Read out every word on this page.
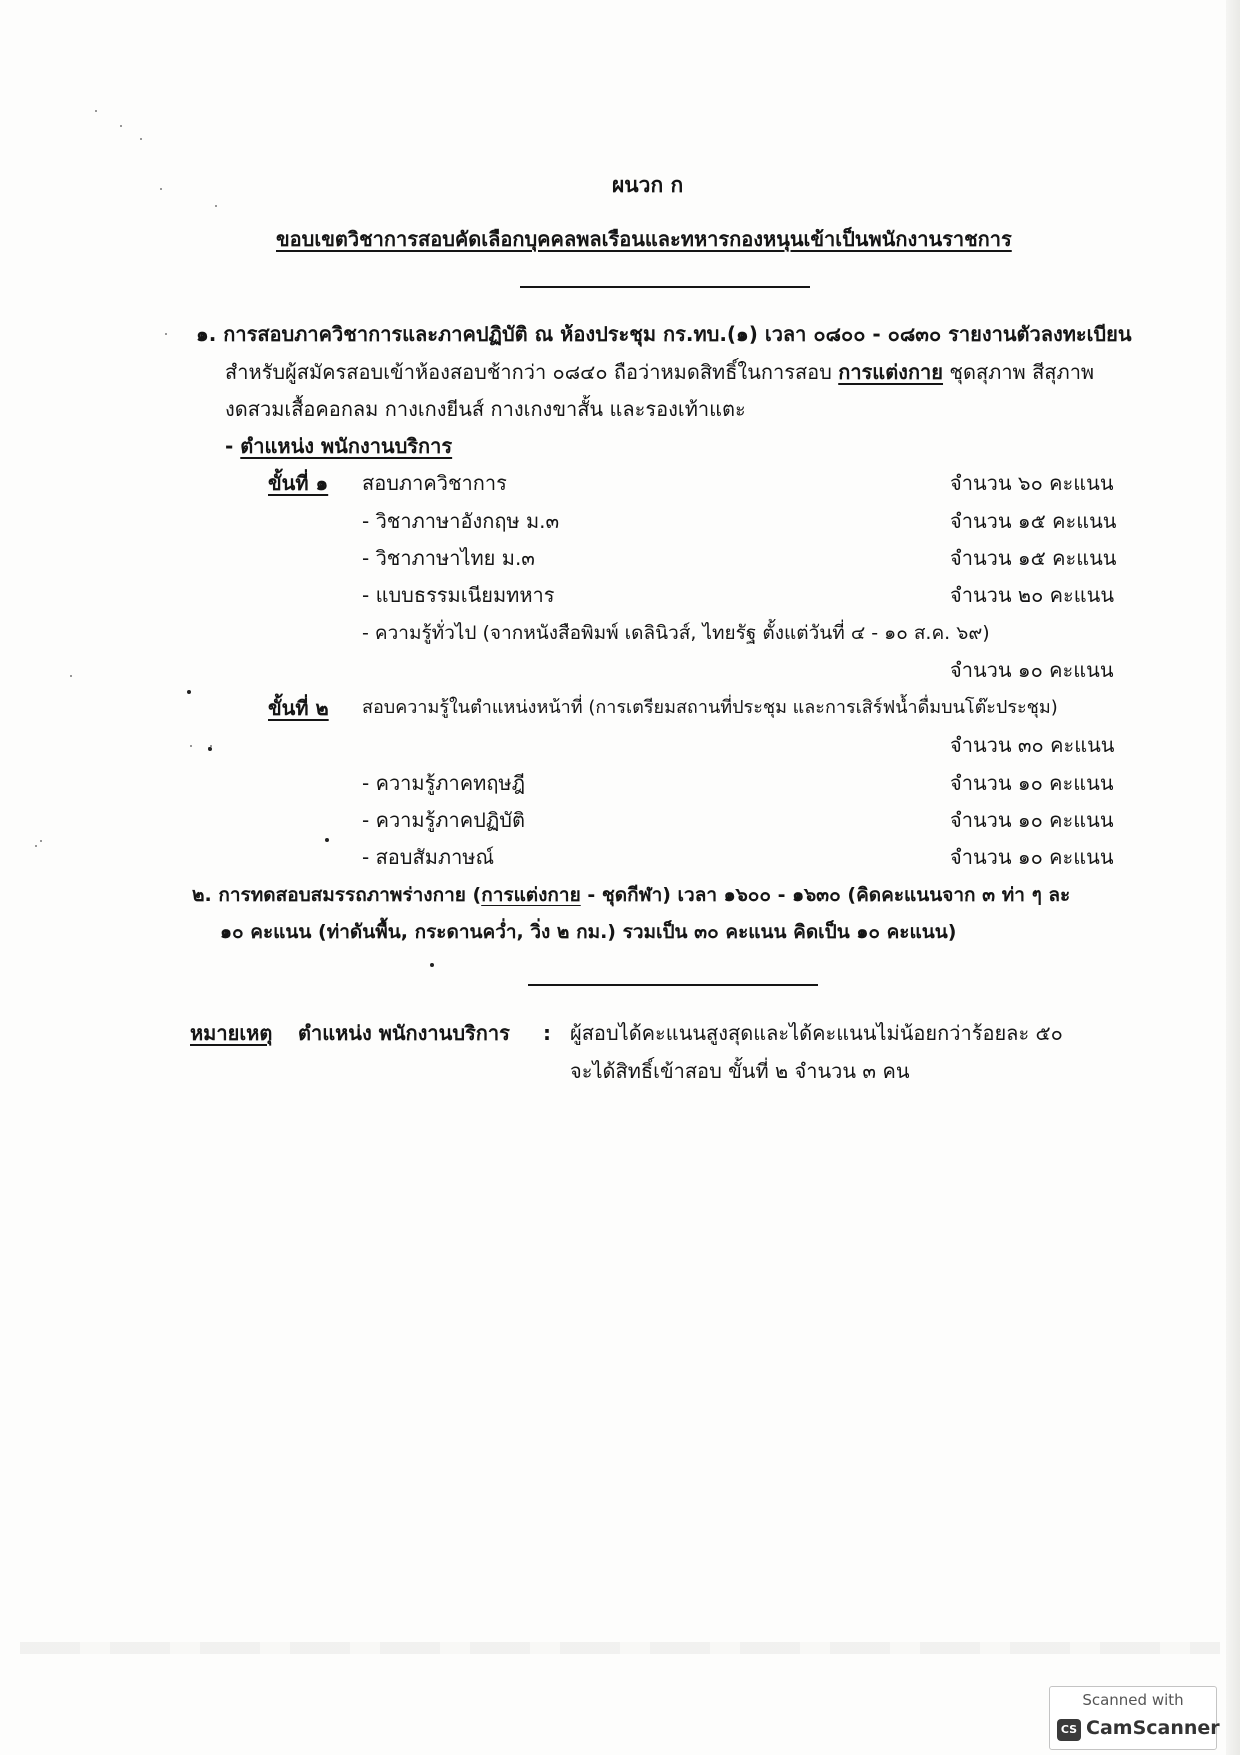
ผนวก ก
ขอบเขตวิชาการสอบคัดเลือกบุคคลพลเรือนและทหารกองหนุนเข้าเป็นพนักงานราชการ
๑. การสอบภาควิชาการและภาคปฏิบัติ ณ ห้องประชุม กร.ทบ.(๑) เวลา ๐๘๐๐ - ๐๘๓๐ รายงานตัวลงทะเบียน
สำหรับผู้สมัครสอบเข้าห้องสอบช้ากว่า ๐๘๔๐ ถือว่าหมดสิทธิ์ในการสอบ การแต่งกาย ชุดสุภาพ สีสุภาพ
งดสวมเสื้อคอกลม กางเกงยีนส์ กางเกงขาสั้น และรองเท้าแตะ
- ตำแหน่ง พนักงานบริการ
ขั้นที่ ๑ สอบภาควิชาการ	จำนวน ๖๐ คะแนน
- วิชาภาษาอังกฤษ ม.๓	จำนวน ๑๕ คะแนน
- วิชาภาษาไทย ม.๓	จำนวน ๑๕ คะแนน
- แบบธรรมเนียมทหาร	จำนวน ๒๐ คะแนน
- ความรู้ทั่วไป (จากหนังสือพิมพ์ เดลินิวส์, ไทยรัฐ ตั้งแต่วันที่ ๔ - ๑๐ ส.ค. ๖๙)
จำนวน ๑๐ คะแนน
ขั้นที่ ๒ สอบความรู้ในตำแหน่งหน้าที่ (การเตรียมสถานที่ประชุม และการเสิร์ฟน้ำดื่มบนโต๊ะประชุม)
จำนวน ๓๐ คะแนน
- ความรู้ภาคทฤษฎี	จำนวน ๑๐ คะแนน
- ความรู้ภาคปฏิบัติ	จำนวน ๑๐ คะแนน
- สอบสัมภาษณ์	จำนวน ๑๐ คะแนน
๒. การทดสอบสมรรถภาพร่างกาย (การแต่งกาย - ชุดกีฬา) เวลา ๑๖๐๐ - ๑๖๓๐ (คิดคะแนนจาก ๓ ท่า ๆ ละ
๑๐ คะแนน (ท่าดันพื้น, กระดานควํ่า, วิ่ง ๒ กม.) รวมเป็น ๓๐ คะแนน คิดเป็น ๑๐ คะแนน)
หมายเหตุ ตำแหน่ง พนักงานบริการ : ผู้สอบได้คะแนนสูงสุดและได้คะแนนไม่น้อยกว่าร้อยละ ๕๐
จะได้สิทธิ์เข้าสอบ ขั้นที่ ๒ จำนวน ๓ คน
Scanned with
CS CamScanner
